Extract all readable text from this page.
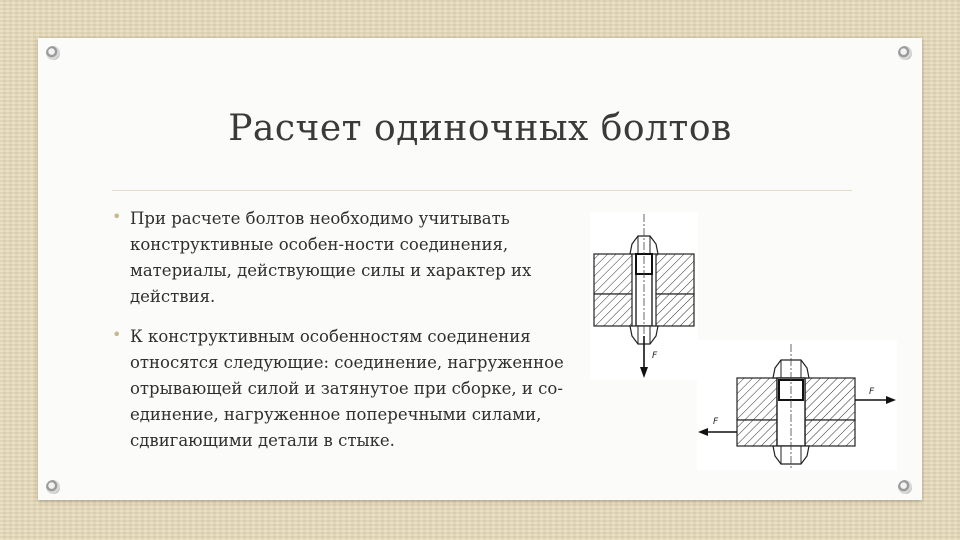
Расчет одиночных болтов
• При расчете болтов необходимо учитывать конструктивные особен-ности соединения, материалы, действующие силы и характер их действия.
• К конструктивным особенностям соединения относятся следующие: соединение, нагруженное отрывающей силой и затянутое при сборке, и со-единение, нагруженное поперечными силами, сдвигающими детали в стыке.
F
F
F
